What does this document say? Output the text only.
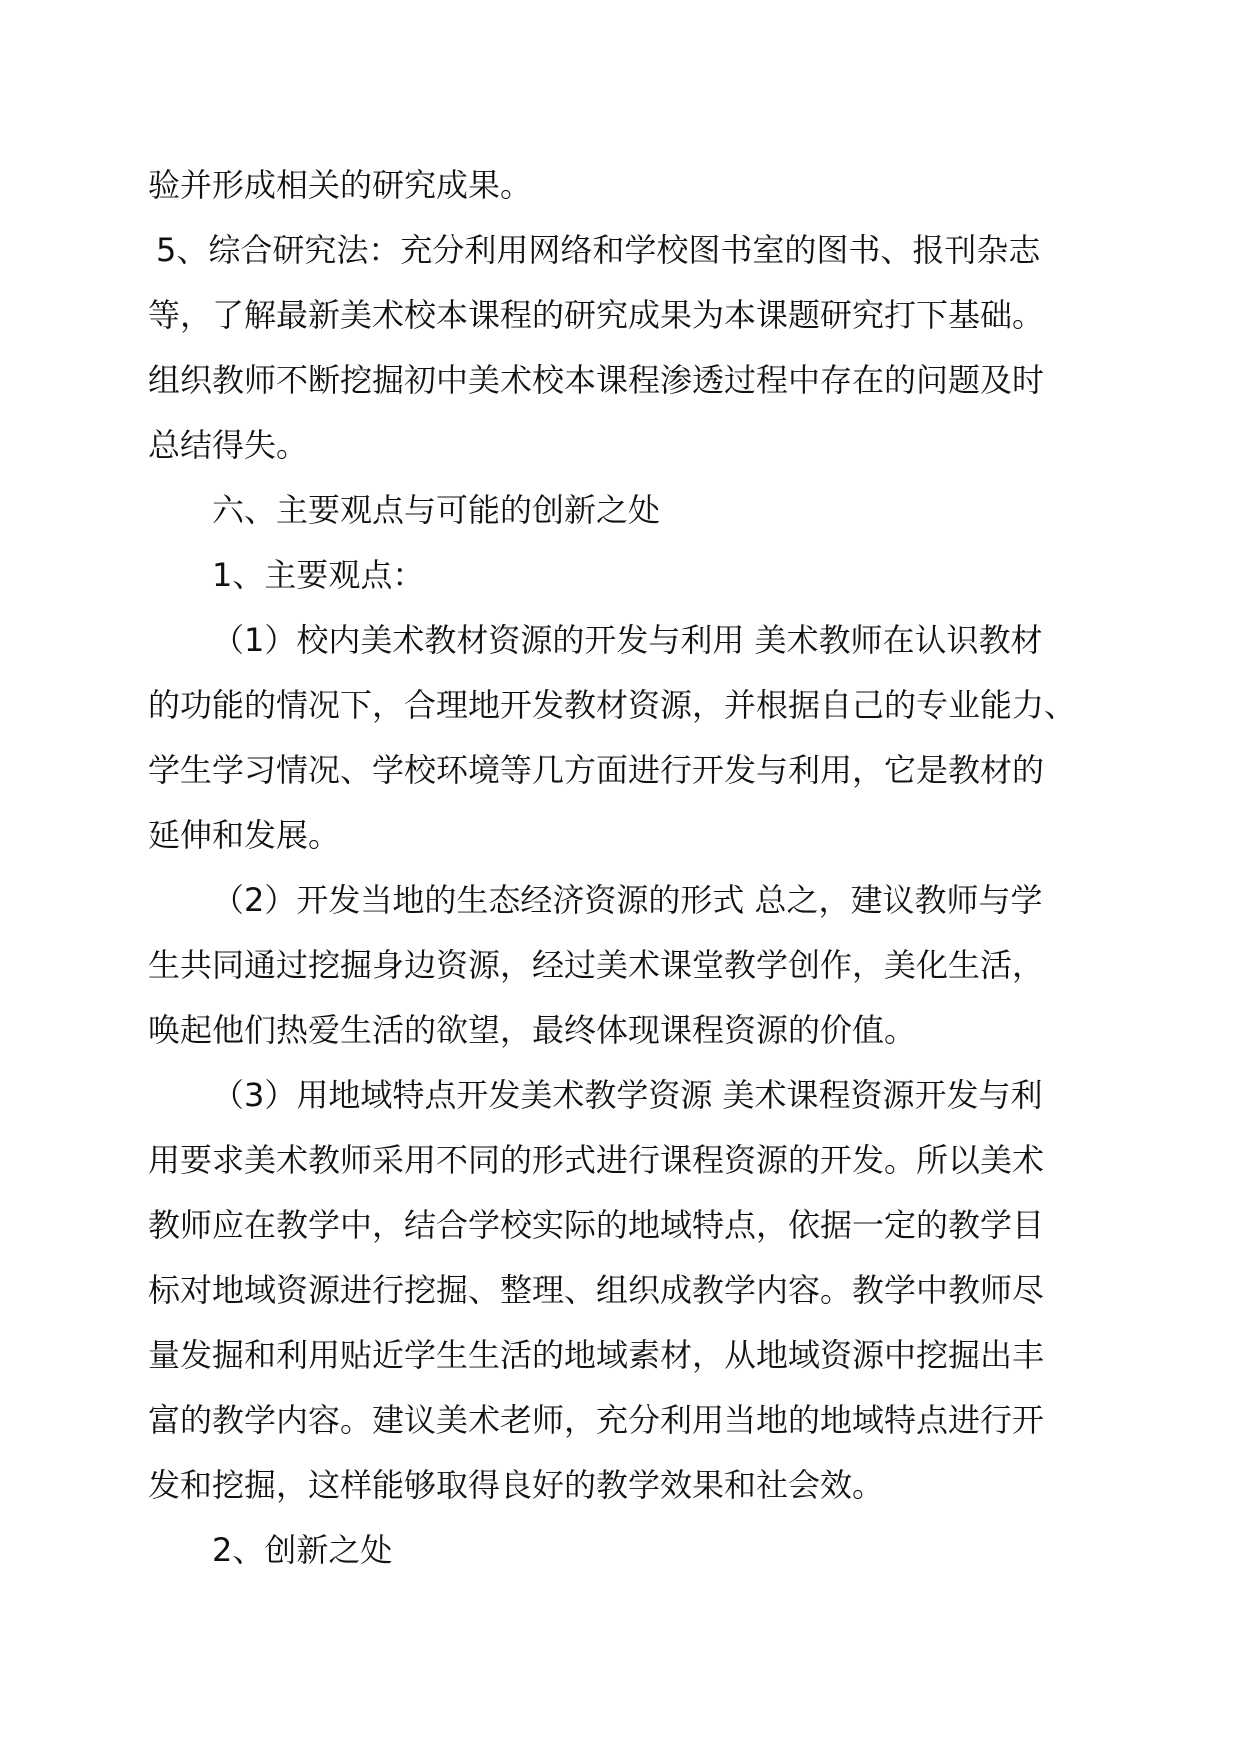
验并形成相关的研究成果。
5、综合研究法：充分利用网络和学校图书室的图书、报刊杂志
等，了解最新美术校本课程的研究成果为本课题研究打下基础。
组织教师不断挖掘初中美术校本课程渗透过程中存在的问题及时
总结得失。
六、主要观点与可能的创新之处
1、主要观点：
（1）校内美术教材资源的开发与利用 美术教师在认识教材
的功能的情况下，合理地开发教材资源，并根据自己的专业能力、
学生学习情况、学校环境等几方面进行开发与利用，它是教材的
延伸和发展。
（2）开发当地的生态经济资源的形式 总之，建议教师与学
生共同通过挖掘身边资源，经过美术课堂教学创作，美化生活，
唤起他们热爱生活的欲望，最终体现课程资源的价值。
（3）用地域特点开发美术教学资源 美术课程资源开发与利
用要求美术教师采用不同的形式进行课程资源的开发。所以美术
教师应在教学中，结合学校实际的地域特点，依据一定的教学目
标对地域资源进行挖掘、整理、组织成教学内容。教学中教师尽
量发掘和利用贴近学生生活的地域素材，从地域资源中挖掘出丰
富的教学内容。建议美术老师，充分利用当地的地域特点进行开
发和挖掘，这样能够取得良好的教学效果和社会效。
2、创新之处
